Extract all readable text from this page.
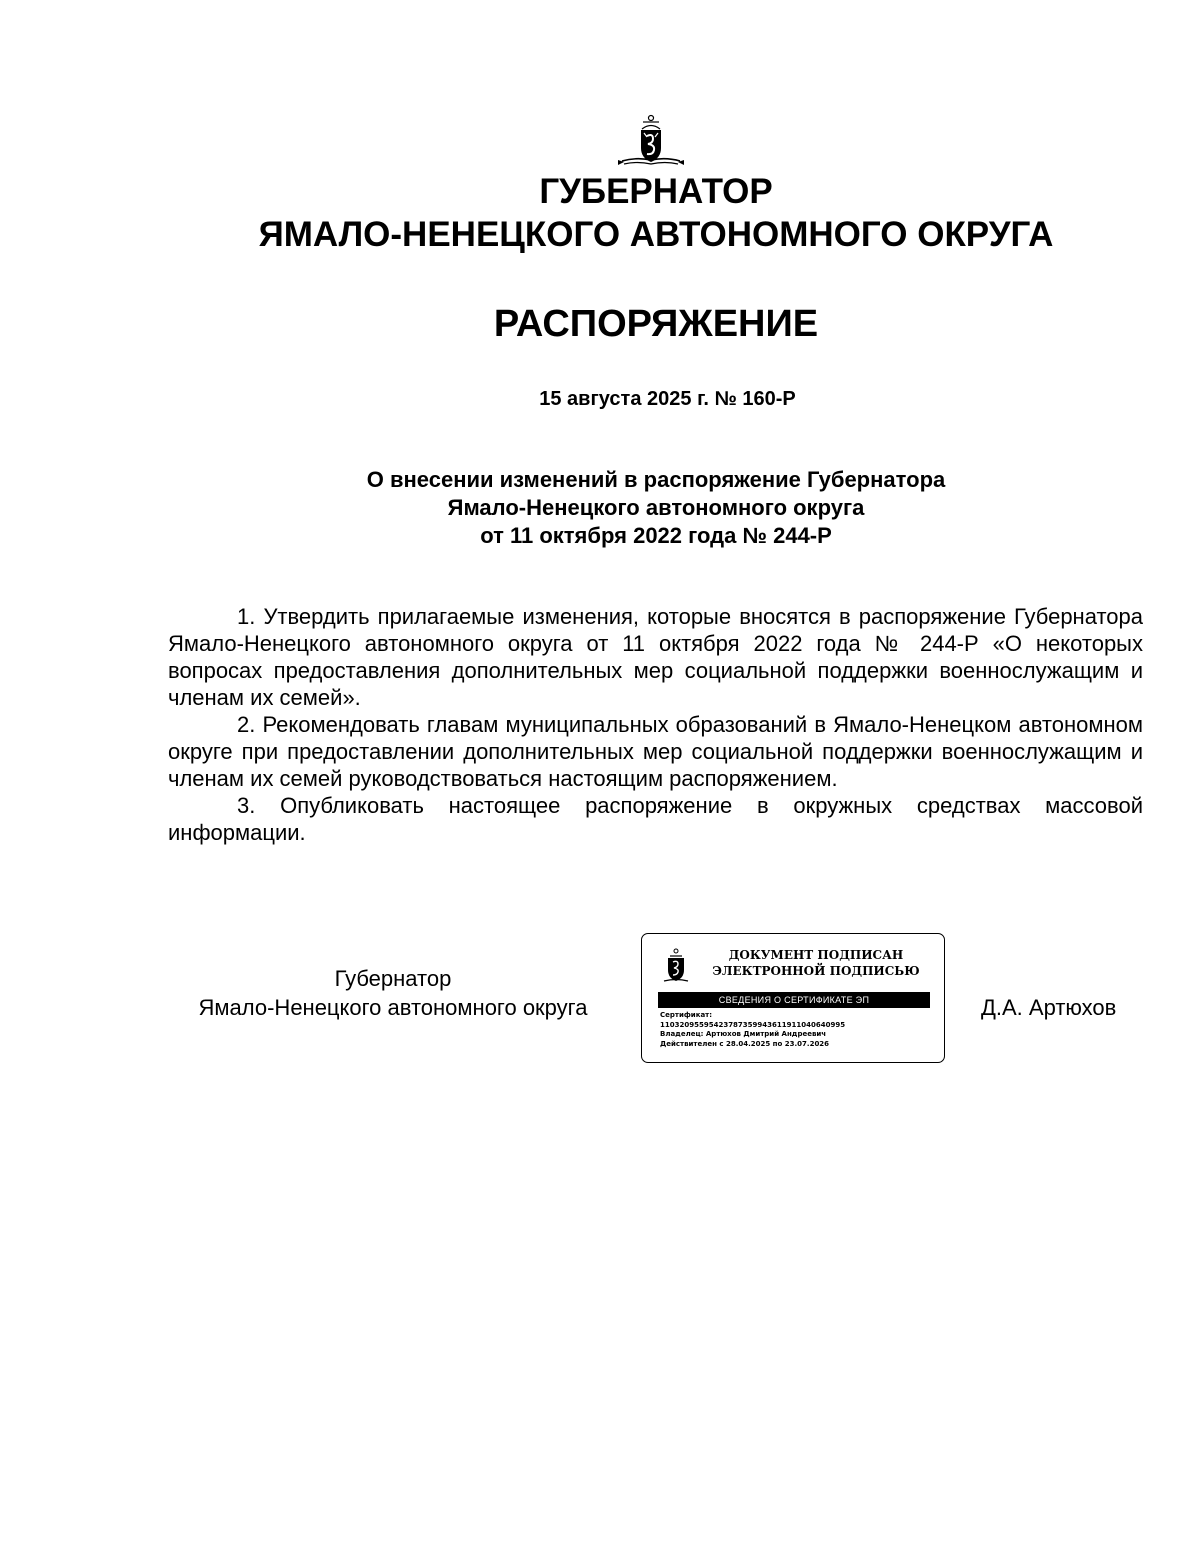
ГУБЕРНАТОР
ЯМАЛО-НЕНЕЦКОГО АВТОНОМНОГО ОКРУГА
РАСПОРЯЖЕНИЕ
15 августа 2025 г. № 160-Р
О внесении изменений в распоряжение Губернатора
Ямало-Ненецкого автономного округа
от 11 октября 2022 года № 244-Р

1. Утвердить прилагаемые изменения, которые вносятся в распоряжение Губернатора Ямало-Ненецкого автономного округа от 11 октября 2022 года № 244-Р «О некоторых вопросах предоставления дополнительных мер социальной поддержки военнослужащим и членам их семей».

2. Рекомендовать главам муниципальных образований в Ямало-Ненецком автономном округе при предоставлении дополнительных мер социальной поддержки военнослужащим и членам их семей руководствоваться настоящим распоряжением.

3. Опубликовать настоящее распоряжение в окружных средствах массовой информации.

Губернатор
Ямало-Ненецкого автономного округа
ДОКУМЕНТ ПОДПИСАН
ЭЛЕКТРОННОЙ ПОДПИСЬЮ
СВЕДЕНИЯ О СЕРТИФИКАТЕ ЭП
Сертификат:
11032095595423787359943611911040640995
Владелец: Артюхов Дмитрий Андреевич
Действителен с 28.04.2025 по 23.07.2026
Д.А. Артюхов
